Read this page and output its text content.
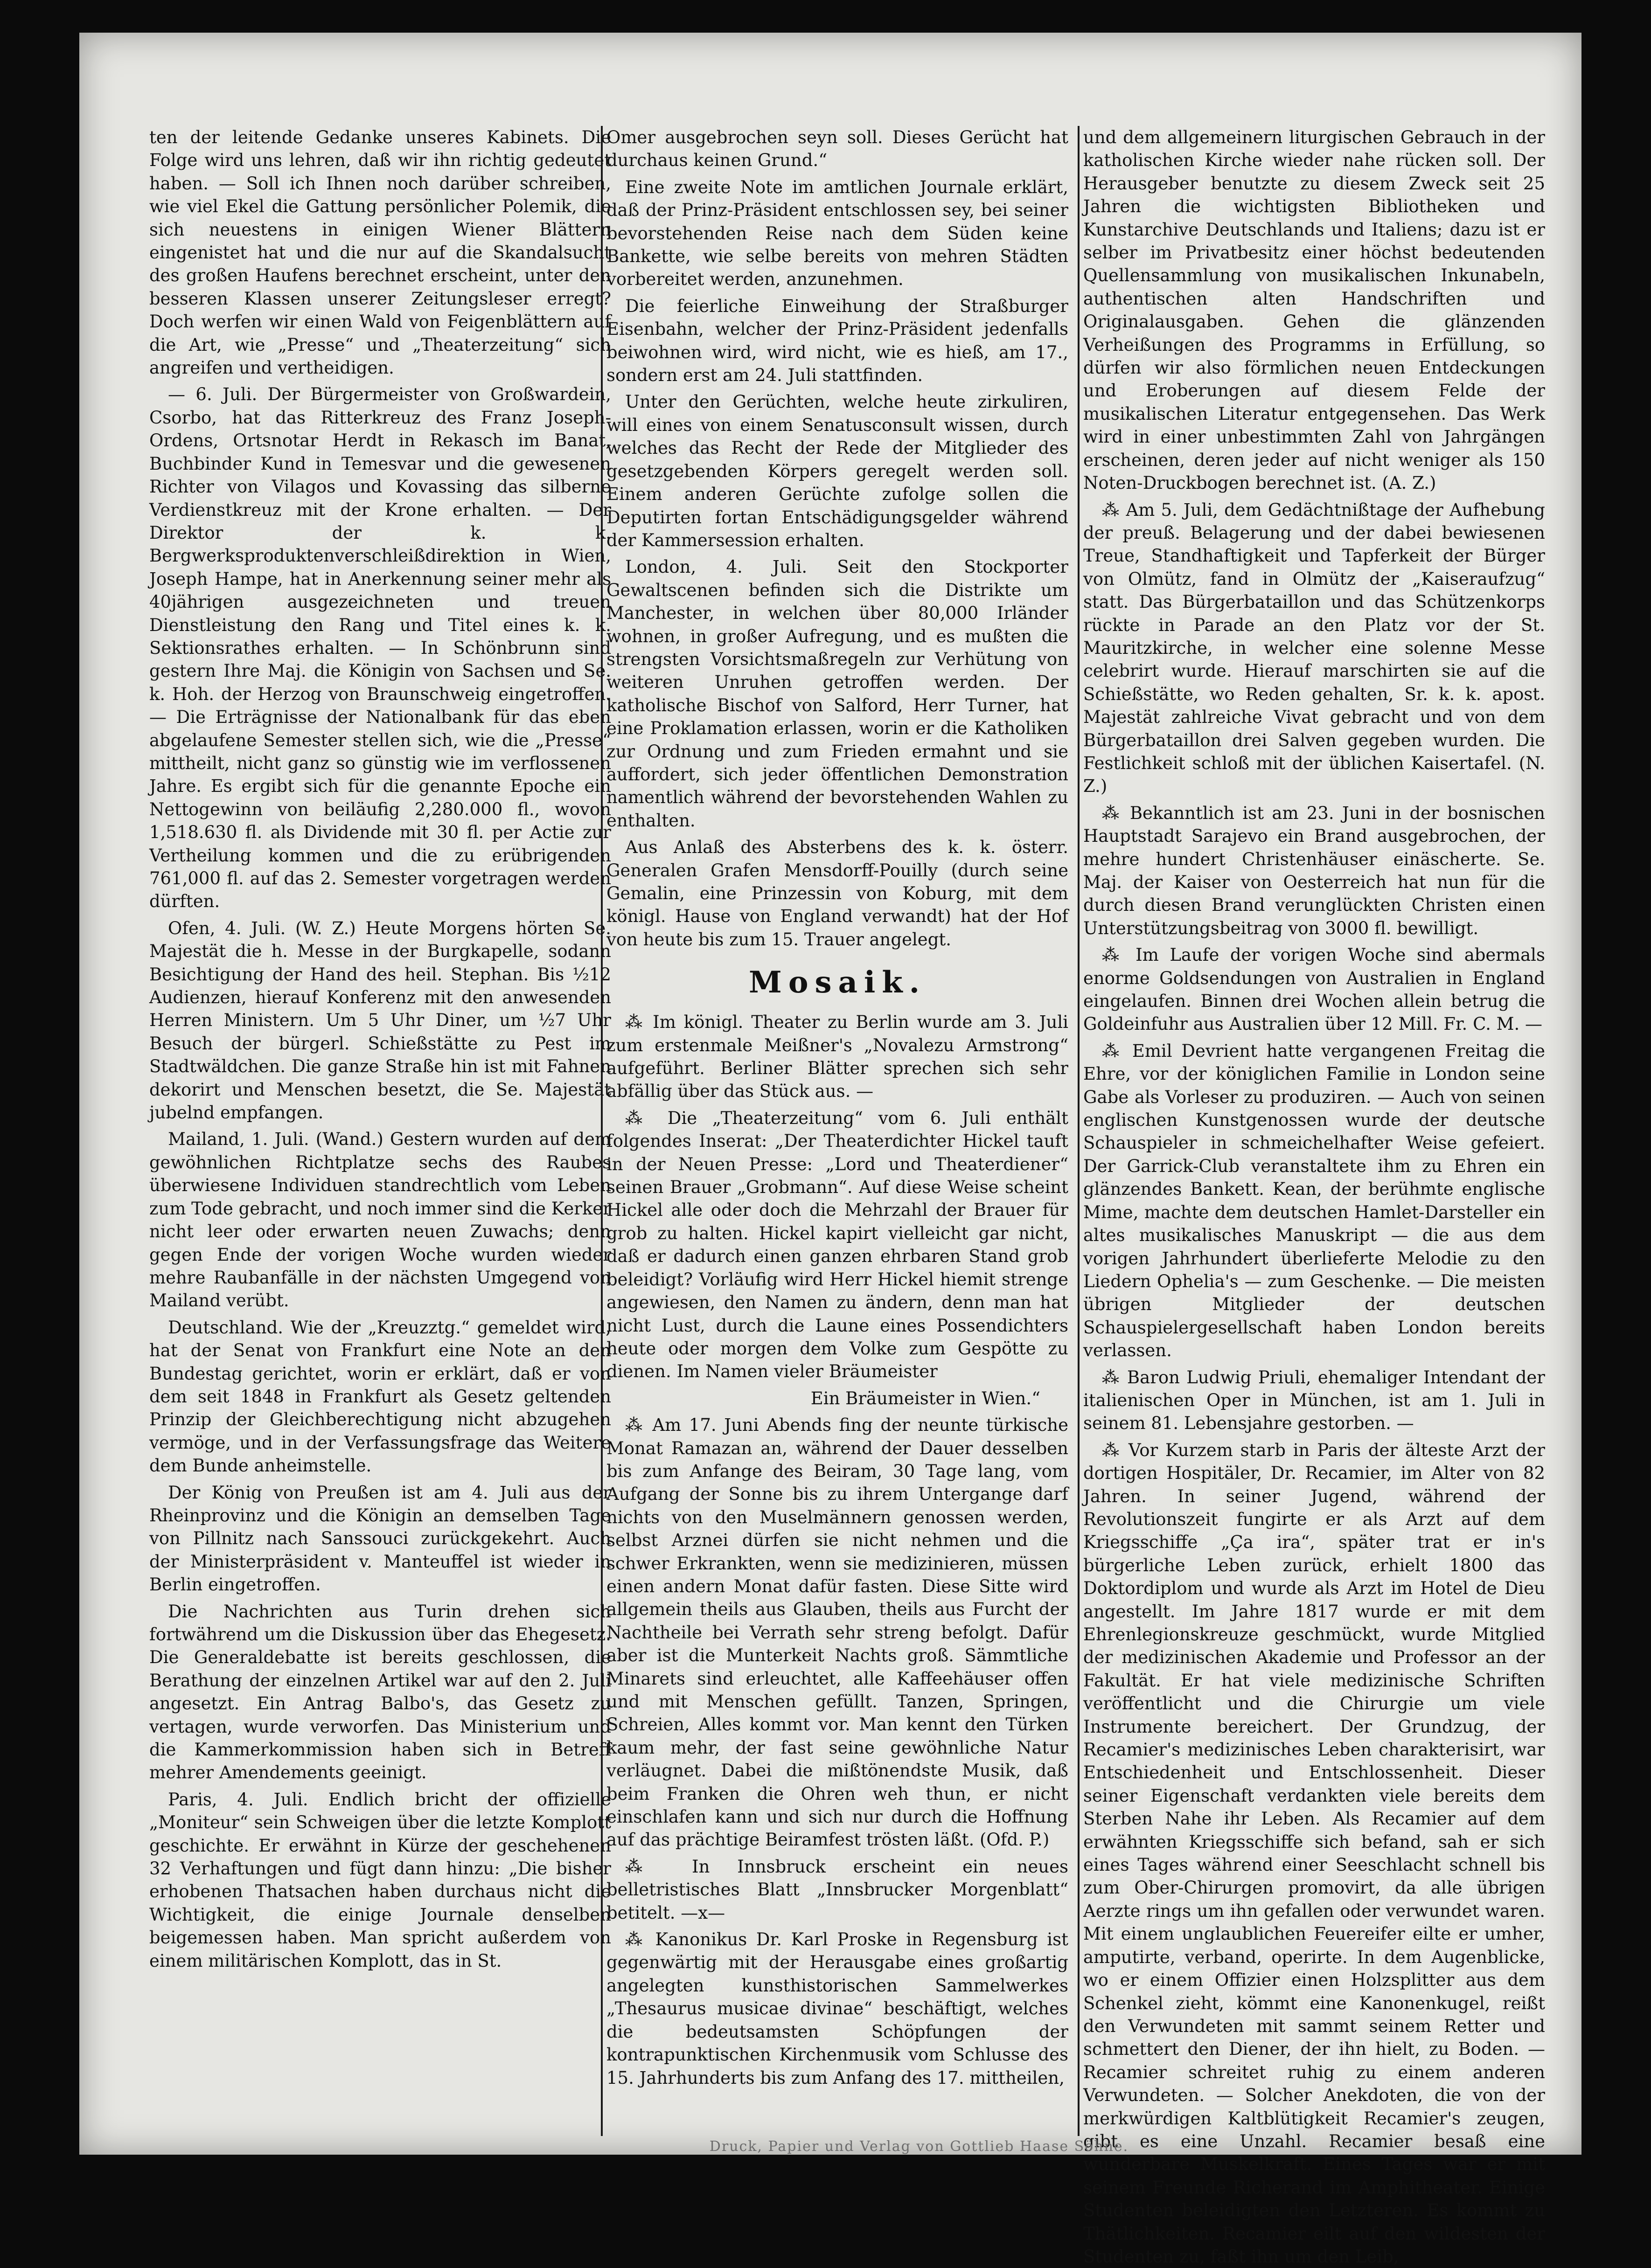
ten der leitende Gedanke unseres Kabinets. Die Folge wird uns lehren, daß wir ihn richtig gedeutet haben. — Soll ich Ihnen noch darüber schreiben, wie viel Ekel die Gattung persönlicher Polemik, die sich neuestens in einigen Wiener Blättern eingenistet hat und die nur auf die Skandalsucht des großen Haufens berechnet erscheint, unter den besseren Klassen unserer Zeitungsleser erregt? Doch werfen wir einen Wald von Feigenblättern auf die Art, wie „Presse“ und „Theaterzeitung“ sich angreifen und vertheidigen.

— 6. Juli. Der Bürgermeister von Großwardein, Csorbo, hat das Ritterkreuz des Franz Joseph-Ordens, Ortsnotar Herdt in Rekasch im Banat, Buchbinder Kund in Temesvar und die gewesenen Richter von Vilagos und Kovassing das silberne Verdienstkreuz mit der Krone erhalten. — Der Direktor der k. k. Bergwerksproduktenverschleißdirektion in Wien, Joseph Hampe, hat in Anerkennung seiner mehr als 40jährigen ausgezeichneten und treuen Dienstleistung den Rang und Titel eines k. k. Sektionsrathes erhalten. — In Schönbrunn sind gestern Ihre Maj. die Königin von Sachsen und Se. k. Hoh. der Herzog von Braunschweig eingetroffen. — Die Erträgnisse der Nationalbank für das eben abgelaufene Semester stellen sich, wie die „Presse“ mittheilt, nicht ganz so günstig wie im verflossenen Jahre. Es ergibt sich für die genannte Epoche ein Nettogewinn von beiläufig 2,280.000 fl., wovon 1,518.630 fl. als Dividende mit 30 fl. per Actie zur Vertheilung kommen und die zu erübrigenden 761,000 fl. auf das 2. Semester vorgetragen werden dürften.

Ofen, 4. Juli. (W. Z.) Heute Morgens hörten Se. Majestät die h. Messe in der Burgkapelle, sodann Besichtigung der Hand des heil. Stephan. Bis ½12 Audienzen, hierauf Konferenz mit den anwesenden Herren Ministern. Um 5 Uhr Diner, um ½7 Uhr Besuch der bürgerl. Schießstätte zu Pest im Stadtwäldchen. Die ganze Straße hin ist mit Fahnen dekorirt und Menschen besetzt, die Se. Majestät jubelnd empfangen.

Mailand, 1. Juli. (Wand.) Gestern wurden auf dem gewöhnlichen Richtplatze sechs des Raubes überwiesene Individuen standrechtlich vom Leben zum Tode gebracht, und noch immer sind die Kerker nicht leer oder erwarten neuen Zuwachs; denn gegen Ende der vorigen Woche wurden wieder mehre Raubanfälle in der nächsten Umgegend von Mailand verübt.

Deutschland. Wie der „Kreuzztg.“ gemeldet wird, hat der Senat von Frankfurt eine Note an den Bundestag gerichtet, worin er erklärt, daß er von dem seit 1848 in Frankfurt als Gesetz geltenden Prinzip der Gleichberechtigung nicht abzugehen vermöge, und in der Verfassungsfrage das Weitere dem Bunde anheimstelle.

Der König von Preußen ist am 4. Juli aus der Rheinprovinz und die Königin an demselben Tage von Pillnitz nach Sanssouci zurückgekehrt. Auch der Ministerpräsident v. Manteuffel ist wieder in Berlin eingetroffen.

Die Nachrichten aus Turin drehen sich fortwährend um die Diskussion über das Ehegesetz. Die Generaldebatte ist bereits geschlossen, die Berathung der einzelnen Artikel war auf den 2. Juli angesetzt. Ein Antrag Balbo's, das Gesetz zu vertagen, wurde verworfen. Das Ministerium und die Kammerkommission haben sich in Betreff mehrer Amendements geeinigt.

Paris, 4. Juli. Endlich bricht der offizielle „Moniteur“ sein Schweigen über die letzte Komplott geschichte. Er erwähnt in Kürze der geschehenen 32 Verhaftungen und fügt dann hinzu: „Die bisher erhobenen Thatsachen haben durchaus nicht die Wichtigkeit, die einige Journale denselben beigemessen haben. Man spricht außerdem von einem militärischen Komplott, das in St.

Omer ausgebrochen seyn soll. Dieses Gerücht hat durchaus keinen Grund.“

Eine zweite Note im amtlichen Journale erklärt, daß der Prinz-Präsident entschlossen sey, bei seiner bevorstehenden Reise nach dem Süden keine Bankette, wie selbe bereits von mehren Städten vorbereitet werden, anzunehmen.

Die feierliche Einweihung der Straßburger Eisenbahn, welcher der Prinz-Präsident jedenfalls beiwohnen wird, wird nicht, wie es hieß, am 17., sondern erst am 24. Juli stattfinden.

Unter den Gerüchten, welche heute zirkuliren, will eines von einem Senatusconsult wissen, durch welches das Recht der Rede der Mitglieder des gesetzgebenden Körpers geregelt werden soll. Einem anderen Gerüchte zufolge sollen die Deputirten fortan Entschädigungsgelder während der Kammersession erhalten.

London, 4. Juli. Seit den Stockporter Gewaltscenen befinden sich die Distrikte um Manchester, in welchen über 80,000 Irländer wohnen, in großer Aufregung, und es mußten die strengsten Vorsichtsmaßregeln zur Verhütung von weiteren Unruhen getroffen werden. Der katholische Bischof von Salford, Herr Turner, hat eine Proklamation erlassen, worin er die Katholiken zur Ordnung und zum Frieden ermahnt und sie auffordert, sich jeder öffentlichen Demonstration namentlich während der bevorstehenden Wahlen zu enthalten.

Aus Anlaß des Absterbens des k. k. österr. Generalen Grafen Mensdorff-Pouilly (durch seine Gemalin, eine Prinzessin von Koburg, mit dem königl. Hause von England verwandt) hat der Hof von heute bis zum 15. Trauer angelegt.

Mosaik.

⁂ Im königl. Theater zu Berlin wurde am 3. Juli zum erstenmale Meißner's „Novalezu Armstrong“ aufgeführt. Berliner Blätter sprechen sich sehr abfällig über das Stück aus. —

⁂ Die „Theaterzeitung“ vom 6. Juli enthält folgendes Inserat: „Der Theaterdichter Hickel tauft in der Neuen Presse: „Lord und Theaterdiener“ seinen Brauer „Grobmann“. Auf diese Weise scheint Hickel alle oder doch die Mehrzahl der Brauer für grob zu halten. Hickel kapirt vielleicht gar nicht, daß er dadurch einen ganzen ehrbaren Stand grob beleidigt? Vorläufig wird Herr Hickel hiemit strenge angewiesen, den Namen zu ändern, denn man hat nicht Lust, durch die Laune eines Possendichters heute oder morgen dem Volke zum Gespötte zu dienen. Im Namen vieler Bräumeister

Ein Bräumeister in Wien.“

⁂ Am 17. Juni Abends fing der neunte türkische Monat Ramazan an, während der Dauer desselben bis zum Anfange des Beiram, 30 Tage lang, vom Aufgang der Sonne bis zu ihrem Untergange darf nichts von den Muselmännern genossen werden, selbst Arznei dürfen sie nicht nehmen und die schwer Erkrankten, wenn sie medizinieren, müssen einen andern Monat dafür fasten. Diese Sitte wird allgemein theils aus Glauben, theils aus Furcht der Nachtheile bei Verrath sehr streng befolgt. Dafür aber ist die Munterkeit Nachts groß. Sämmtliche Minarets sind erleuchtet, alle Kaffeehäuser offen und mit Menschen gefüllt. Tanzen, Springen, Schreien, Alles kommt vor. Man kennt den Türken kaum mehr, der fast seine gewöhnliche Natur verläugnet. Dabei die mißtönendste Musik, daß beim Franken die Ohren weh thun, er nicht einschlafen kann und sich nur durch die Hoffnung auf das prächtige Beiramfest trösten läßt. (Ofd. P.)

⁂ In Innsbruck erscheint ein neues belletristisches Blatt „Innsbrucker Morgenblatt“ betitelt. —x—

⁂ Kanonikus Dr. Karl Proske in Regensburg ist gegenwärtig mit der Herausgabe eines großartig angelegten kunsthistorischen Sammelwerkes „Thesaurus musicae divinae“ beschäftigt, welches die bedeutsamsten Schöpfungen der kontrapunktischen Kirchenmusik vom Schlusse des 15. Jahrhunderts bis zum Anfang des 17. mittheilen,

und dem allgemeinern liturgischen Gebrauch in der katholischen Kirche wieder nahe rücken soll. Der Herausgeber benutzte zu diesem Zweck seit 25 Jahren die wichtigsten Bibliotheken und Kunstarchive Deutschlands und Italiens; dazu ist er selber im Privatbesitz einer höchst bedeutenden Quellensammlung von musikalischen Inkunabeln, authentischen alten Handschriften und Originalausgaben. Gehen die glänzenden Verheißungen des Programms in Erfüllung, so dürfen wir also förmlichen neuen Entdeckungen und Eroberungen auf diesem Felde der musikalischen Literatur entgegensehen. Das Werk wird in einer unbestimmten Zahl von Jahrgängen erscheinen, deren jeder auf nicht weniger als 150 Noten-Druckbogen berechnet ist. (A. Z.)

⁂ Am 5. Juli, dem Gedächtnißtage der Aufhebung der preuß. Belagerung und der dabei bewiesenen Treue, Standhaftigkeit und Tapferkeit der Bürger von Olmütz, fand in Olmütz der „Kaiseraufzug“ statt. Das Bürgerbataillon und das Schützenkorps rückte in Parade an den Platz vor der St. Mauritzkirche, in welcher eine solenne Messe celebrirt wurde. Hierauf marschirten sie auf die Schießstätte, wo Reden gehalten, Sr. k. k. apost. Majestät zahlreiche Vivat gebracht und von dem Bürgerbataillon drei Salven gegeben wurden. Die Festlichkeit schloß mit der üblichen Kaisertafel. (N. Z.)

⁂ Bekanntlich ist am 23. Juni in der bosnischen Hauptstadt Sarajevo ein Brand ausgebrochen, der mehre hundert Christenhäuser einäscherte. Se. Maj. der Kaiser von Oesterreich hat nun für die durch diesen Brand verunglückten Christen einen Unterstützungsbeitrag von 3000 fl. bewilligt.

⁂ Im Laufe der vorigen Woche sind abermals enorme Goldsendungen von Australien in England eingelaufen. Binnen drei Wochen allein betrug die Goldeinfuhr aus Australien über 12 Mill. Fr. C. M. —

⁂ Emil Devrient hatte vergangenen Freitag die Ehre, vor der königlichen Familie in London seine Gabe als Vorleser zu produziren. — Auch von seinen englischen Kunstgenossen wurde der deutsche Schauspieler in schmeichelhafter Weise gefeiert. Der Garrick-Club veranstaltete ihm zu Ehren ein glänzendes Bankett. Kean, der berühmte englische Mime, machte dem deutschen Hamlet-Darsteller ein altes musikalisches Manuskript — die aus dem vorigen Jahrhundert überlieferte Melodie zu den Liedern Ophelia's — zum Geschenke. — Die meisten übrigen Mitglieder der deutschen Schauspielergesellschaft haben London bereits verlassen.

⁂ Baron Ludwig Priuli, ehemaliger Intendant der italienischen Oper in München, ist am 1. Juli in seinem 81. Lebensjahre gestorben. —

⁂ Vor Kurzem starb in Paris der älteste Arzt der dortigen Hospitäler, Dr. Recamier, im Alter von 82 Jahren. In seiner Jugend, während der Revolutionszeit fungirte er als Arzt auf dem Kriegsschiffe „Ça ira“, später trat er in's bürgerliche Leben zurück, erhielt 1800 das Doktordiplom und wurde als Arzt im Hotel de Dieu angestellt. Im Jahre 1817 wurde er mit dem Ehrenlegionskreuze geschmückt, wurde Mitglied der medizinischen Akademie und Professor an der Fakultät. Er hat viele medizinische Schriften veröffentlicht und die Chirurgie um viele Instrumente bereichert. Der Grundzug, der Recamier's medizinisches Leben charakterisirt, war Entschiedenheit und Entschlossenheit. Dieser seiner Eigenschaft verdankten viele bereits dem Sterben Nahe ihr Leben. Als Recamier auf dem erwähnten Kriegsschiffe sich befand, sah er sich eines Tages während einer Seeschlacht schnell bis zum Ober-Chirurgen promovirt, da alle übrigen Aerzte rings um ihn gefallen oder verwundet waren. Mit einem unglaublichen Feuereifer eilte er umher, amputirte, verband, operirte. In dem Augenblicke, wo er einem Offizier einen Holzsplitter aus dem Schenkel zieht, kömmt eine Kanonenkugel, reißt den Verwundeten mit sammt seinem Retter und schmettert den Diener, der ihn hielt, zu Boden. — Recamier schreitet ruhig zu einem anderen Verwundeten. — Solcher Anekdoten, die von der merkwürdigen Kaltblütigkeit Recamier's zeugen, gibt es eine Unzahl. Recamier besaß eine wunderbare Muskelkraft. Eines Tages war er mit seinem Freunde Richerand im Amphitheater. Einige Studenten beleidigten den Letzteren. Es kommt zu Thätlichkeiten. Recamier eilt auf den wildesten der Studenten zu, faßt ihn um den Leib,

Druck, Papier und Verlag von Gottlieb Haase Söhne.
